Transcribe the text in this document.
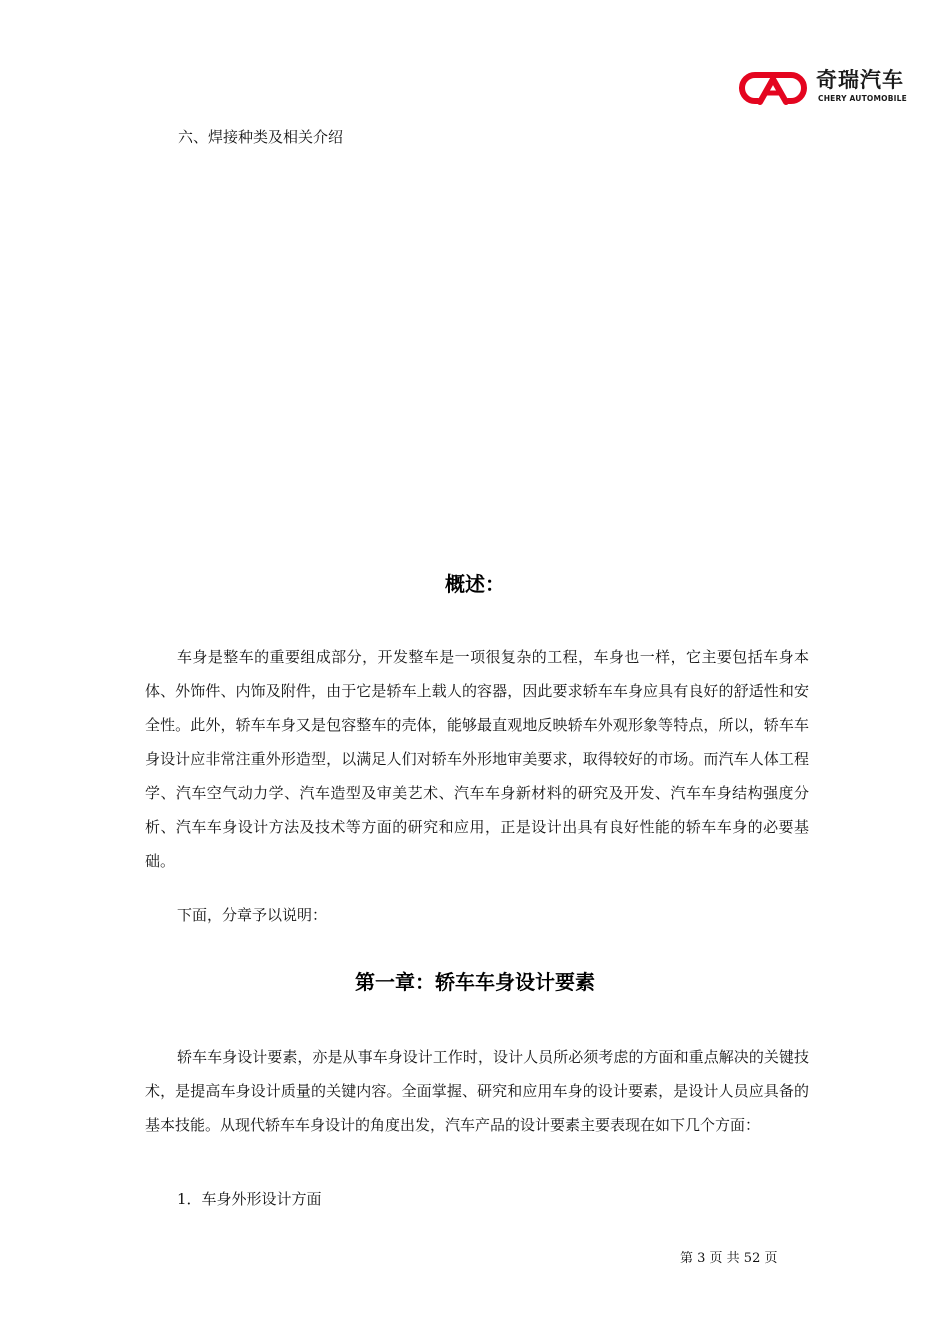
奇瑞汽车
CHERY AUTOMOBILE
六、焊接种类及相关介绍
概述：

车身是整车的重要组成部分，开发整车是一项很复杂的工程，车身也一样，它主要包括车身本体、外饰件、内饰及附件，由于它是轿车上载人的容器，因此要求轿车车身应具有良好的舒适性和安全性。此外，轿车车身又是包容整车的壳体，能够最直观地反映轿车外观形象等特点，所以，轿车车身设计应非常注重外形造型，以满足人们对轿车外形地审美要求，取得较好的市场。而汽车人体工程学、汽车空气动力学、汽车造型及审美艺术、汽车车身新材料的研究及开发、汽车车身结构强度分析、汽车车身设计方法及技术等方面的研究和应用，正是设计出具有良好性能的轿车车身的必要基础。

下面，分章予以说明：
第一章：轿车车身设计要素

轿车车身设计要素，亦是从事车身设计工作时，设计人员所必须考虑的方面和重点解决的关键技术，是提高车身设计质量的关键内容。全面掌握、研究和应用车身的设计要素，是设计人员应具备的基本技能。从现代轿车车身设计的角度出发，汽车产品的设计要素主要表现在如下几个方面：

1．车身外形设计方面
第 3 页 共 52 页
